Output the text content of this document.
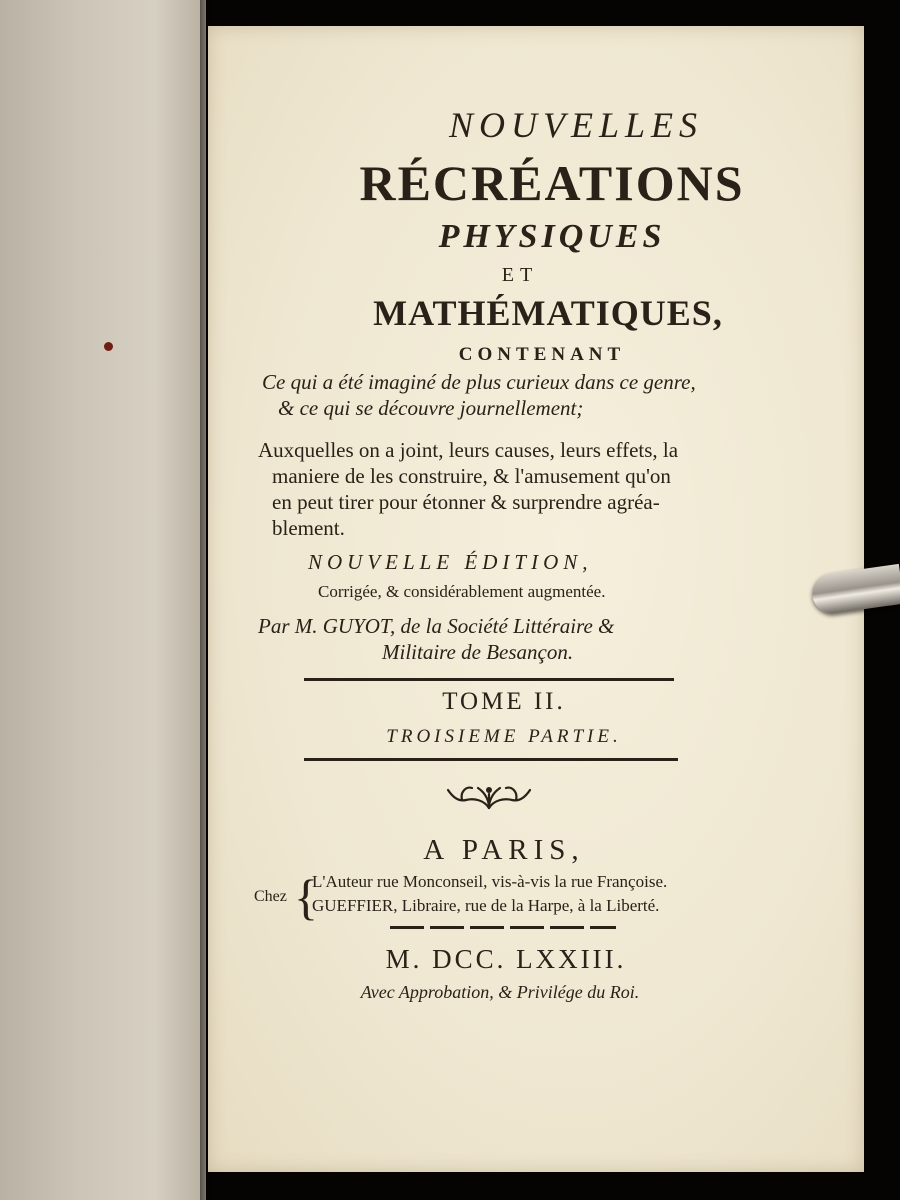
NOUVELLES
RÉCRÉATIONS
PHYSIQUES
ET
MATHÉMATIQUES,
CONTENANT
Ce qui a été imaginé de plus curieux dans ce genre,
& ce qui se découvre journellement;
Auxquelles on a joint, leurs causes, leurs effets, la
maniere de les construire, & l'amusement qu'on
en peut tirer pour étonner & surprendre agréa-
blement.
NOUVELLE ÉDITION,
Corrigée, & considérablement augmentée.
Par M. GUYOT, de la Société Littéraire &
Militaire de Besançon.
TOME II.
TROISIEME PARTIE.
A PARIS,
Chez {
L'Auteur rue Monconseil, vis-à-vis la rue Françoise.
GUEFFIER, Libraire, rue de la Harpe, à la Liberté.
M. DCC. LXXIII.
Avec Approbation, & Privilége du Roi.
